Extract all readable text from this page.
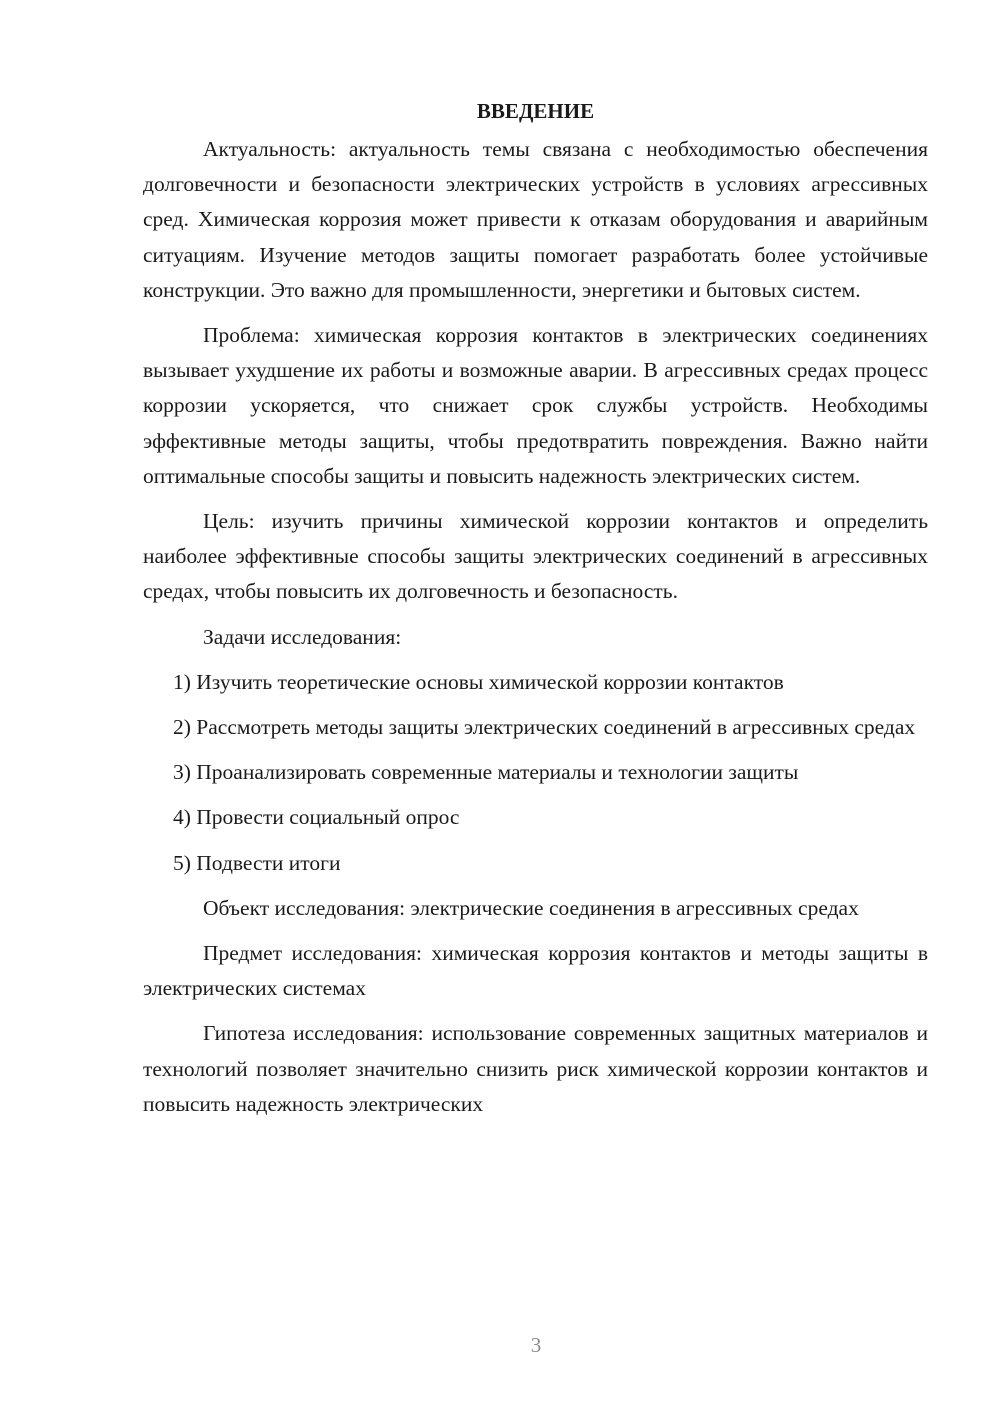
ВВЕДЕНИЕ

Актуальность: актуальность темы связана с необходимостью обеспечения долговечности и безопасности электрических устройств в условиях агрессивных сред. Химическая коррозия может привести к отказам оборудования и аварийным ситуациям. Изучение методов защиты помогает разработать более устойчивые конструкции. Это важно для промышленности, энергетики и бытовых систем.

Проблема: химическая коррозия контактов в электрических соединениях вызывает ухудшение их работы и возможные аварии. В агрессивных средах процесс коррозии ускоряется, что снижает срок службы устройств. Необходимы эффективные методы защиты, чтобы предотвратить повреждения. Важно найти оптимальные способы защиты и повысить надежность электрических систем.

Цель: изучить причины химической коррозии контактов и определить наиболее эффективные способы защиты электрических соединений в агрессивных средах, чтобы повысить их долговечность и безопасность.

Задачи исследования:

1) Изучить теоретические основы химической коррозии контактов

2) Рассмотреть методы защиты электрических соединений в агрессивных средах

3) Проанализировать современные материалы и технологии защиты

4) Провести социальный опрос

5) Подвести итоги

Объект исследования: электрические соединения в агрессивных средах

Предмет исследования: химическая коррозия контактов и методы защиты в электрических системах

Гипотеза исследования: использование современных защитных материалов и технологий позволяет значительно снизить риск химической коррозии контактов и повысить надежность электрических

3
